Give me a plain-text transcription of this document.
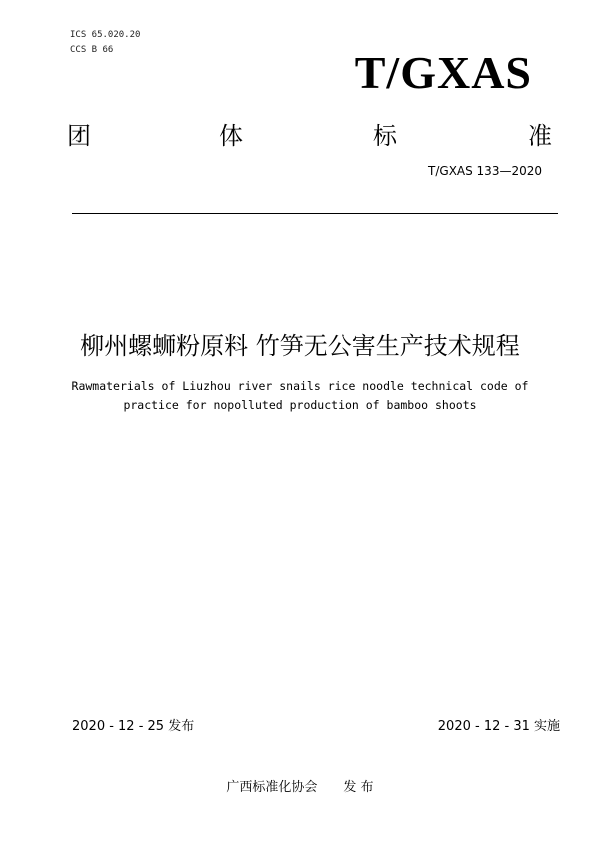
ICS 65.020.20
CCS B 66	T/GXAS
团	体	标	准
T/GXAS 133—2020
柳州螺蛳粉原料 竹笋无公害生产技术规程
Rawmaterials of Liuzhou river snails rice noodle technical code of
practice for nopolluted production of bamboo shoots
2020 - 12 - 25 发布	2020 - 12 - 31 实施
广西标准化协会　　发 布
